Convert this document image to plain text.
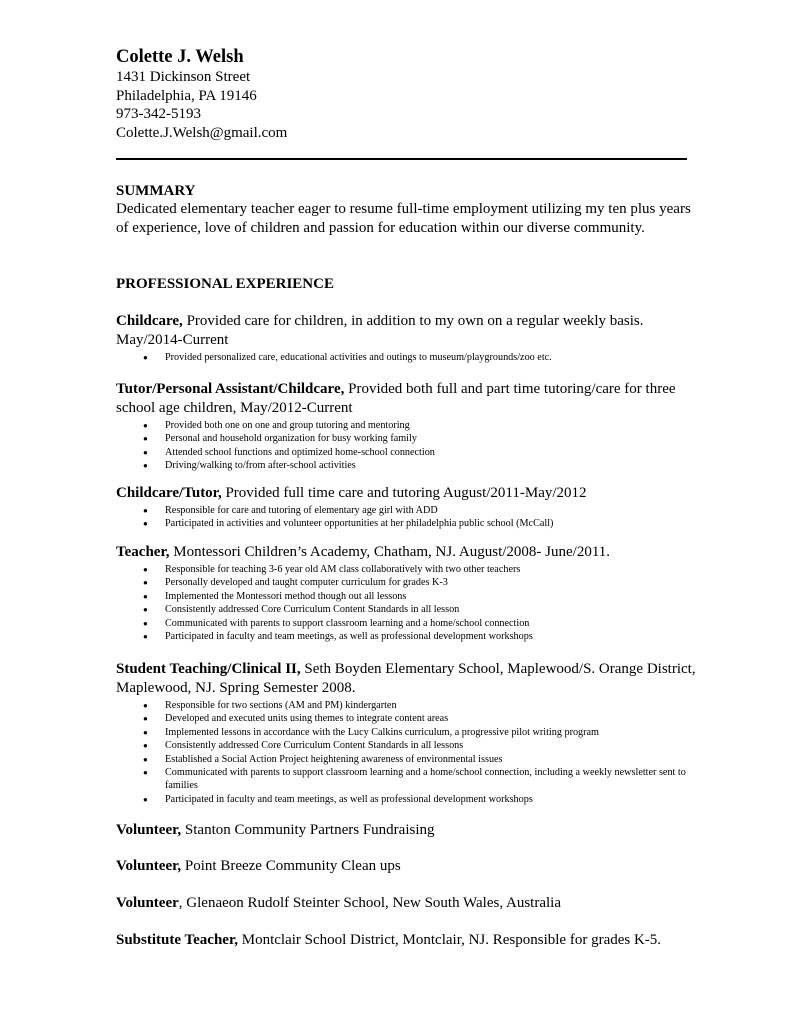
Colette J. Welsh
1431 Dickinson Street
Philadelphia, PA 19146
973-342-5193
Colette.J.Welsh@gmail.com
SUMMARY
Dedicated elementary teacher eager to resume full-time employment utilizing my ten plus years of experience, love of children and passion for education within our diverse community.
PROFESSIONAL EXPERIENCE
Childcare, Provided care for children, in addition to my own on a regular weekly basis. May/2014-Current
● Provided personalized care, educational activities and outings to museum/playgrounds/zoo etc.
Tutor/Personal Assistant/Childcare, Provided both full and part time tutoring/care for three school age children, May/2012-Current
● Provided both one on one and group tutoring and mentoring
● Personal and household organization for busy working family
● Attended school functions and optimized home-school connection
● Driving/walking to/from after-school activities
Childcare/Tutor, Provided full time care and tutoring August/2011-May/2012
● Responsible for care and tutoring of elementary age girl with ADD
● Participated in activities and volunteer opportunities at her philadelphia public school (McCall)
Teacher, Montessori Children’s Academy, Chatham, NJ. August/2008- June/2011.
● Responsible for teaching 3-6 year old AM class collaboratively with two other teachers
● Personally developed and taught computer curriculum for grades K-3
● Implemented the Montessori method though out all lessons
● Consistently addressed Core Curriculum Content Standards in all lesson
● Communicated with parents to support classroom learning and a home/school connection
● Participated in faculty and team meetings, as well as professional development workshops
Student Teaching/Clinical II, Seth Boyden Elementary School, Maplewood/S. Orange District, Maplewood, NJ. Spring Semester 2008.
● Responsible for two sections (AM and PM) kindergarten
● Developed and executed units using themes to integrate content areas
● Implemented lessons in accordance with the Lucy Calkins curriculum, a progressive pilot writing program
● Consistently addressed Core Curriculum Content Standards in all lessons
● Established a Social Action Project heightening awareness of environmental issues
● Communicated with parents to support classroom learning and a home/school connection, including a weekly newsletter sent to families
● Participated in faculty and team meetings, as well as professional development workshops
Volunteer, Stanton Community Partners Fundraising
Volunteer, Point Breeze Community Clean ups
Volunteer, Glenaeon Rudolf Steinter School, New South Wales, Australia
Substitute Teacher, Montclair School District, Montclair, NJ. Responsible for grades K-5.
